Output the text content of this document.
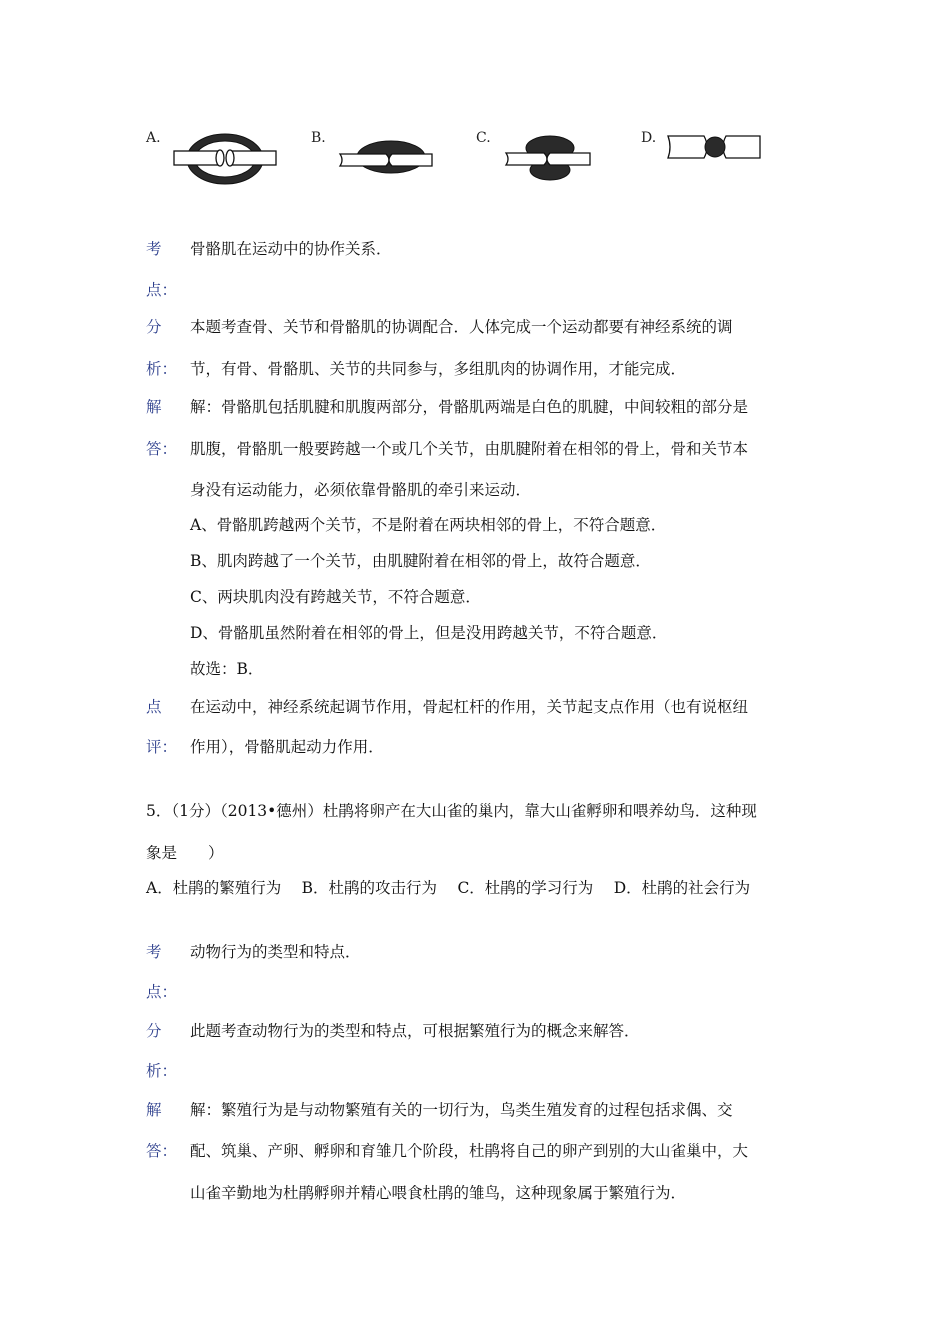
A.	B.	C.	D.
考 骨骼肌在运动中的协作关系．
点：
分 本题考查骨、关节和骨骼肌的协调配合．人体完成一个运动都要有神经系统的调
析： 节，有骨、骨骼肌、关节的共同参与，多组肌肉的协调作用，才能完成．
解 解：骨骼肌包括肌腱和肌腹两部分，骨骼肌两端是白色的肌腱，中间较粗的部分是
答： 肌腹，骨骼肌一般要跨越一个或几个关节，由肌腱附着在相邻的骨上，骨和关节本
身没有运动能力，必须依靠骨骼肌的牵引来运动．
A、骨骼肌跨越两个关节，不是附着在两块相邻的骨上，不符合题意．
B、肌肉跨越了一个关节，由肌腱附着在相邻的骨上，故符合题意．
C、两块肌肉没有跨越关节，不符合题意．
D、骨骼肌虽然附着在相邻的骨上，但是没用跨越关节，不符合题意．
故选：B．
点 在运动中，神经系统起调节作用，骨起杠杆的作用，关节起支点作用（也有说枢纽
评： 作用），骨骼肌起动力作用．
5．（1分）（2013•德州）杜鹃将卵产在大山雀的巢内，靠大山雀孵卵和喂养幼鸟．这种现
象是　　）
A．杜鹃的繁殖行为　 B．杜鹃的攻击行为　 C．杜鹃的学习行为　 D．杜鹃的社会行为
考 动物行为的类型和特点．
点：
分 此题考查动物行为的类型和特点，可根据繁殖行为的概念来解答．
析：
解 解：繁殖行为是与动物繁殖有关的一切行为，鸟类生殖发育的过程包括求偶、交
答： 配、筑巢、产卵、孵卵和育雏几个阶段，杜鹃将自己的卵产到别的大山雀巢中，大
山雀辛勤地为杜鹃孵卵并精心喂食杜鹃的雏鸟，这种现象属于繁殖行为．
